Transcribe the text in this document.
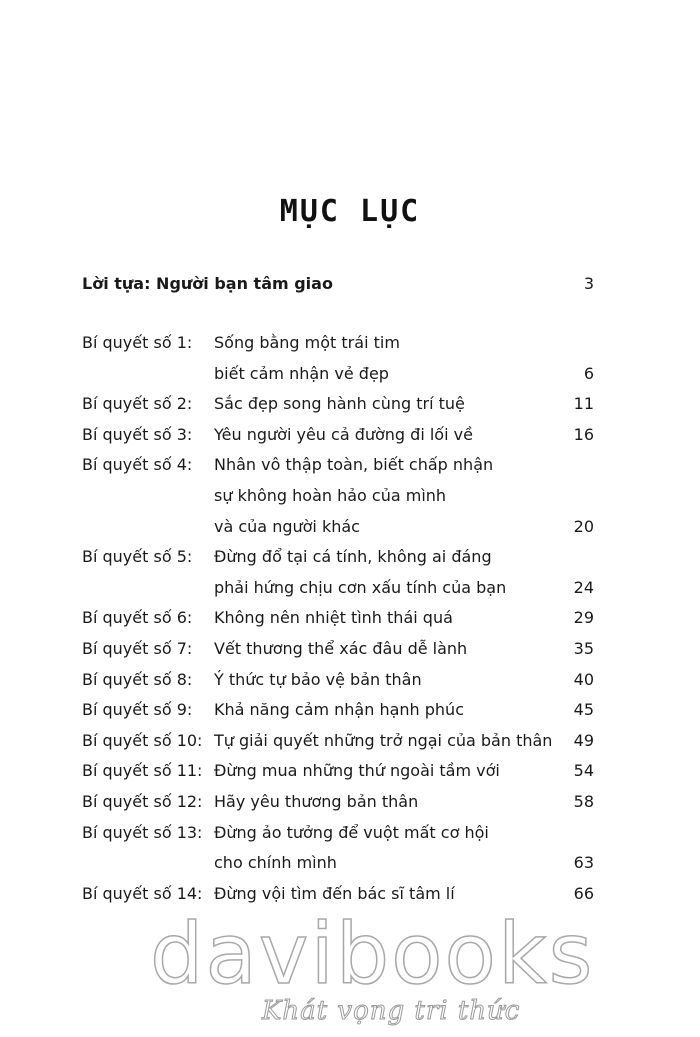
MỤC LỤC
Lời tựa: Người bạn tâm giao	3
Bí quyết số 1: Sống bằng một trái tim
biết cảm nhận vẻ đẹp	6
Bí quyết số 2: Sắc đẹp song hành cùng trí tuệ	11
Bí quyết số 3: Yêu người yêu cả đường đi lối về	16
Bí quyết số 4: Nhân vô thập toàn, biết chấp nhận
sự không hoàn hảo của mình
và của người khác	20
Bí quyết số 5: Đừng đổ tại cá tính, không ai đáng
phải hứng chịu cơn xấu tính của bạn	24
Bí quyết số 6: Không nên nhiệt tình thái quá	29
Bí quyết số 7: Vết thương thể xác đâu dễ lành	35
Bí quyết số 8: Ý thức tự bảo vệ bản thân	40
Bí quyết số 9: Khả năng cảm nhận hạnh phúc	45
Bí quyết số 10: Tự giải quyết những trở ngại của bản thân	49
Bí quyết số 11: Đừng mua những thứ ngoài tầm với	54
Bí quyết số 12: Hãy yêu thương bản thân	58
Bí quyết số 13: Đừng ảo tưởng để vuột mất cơ hội
cho chính mình	63
Bí quyết số 14: Đừng vội tìm đến bác sĩ tâm lí	66
davibooks
Khát vọng tri thức
